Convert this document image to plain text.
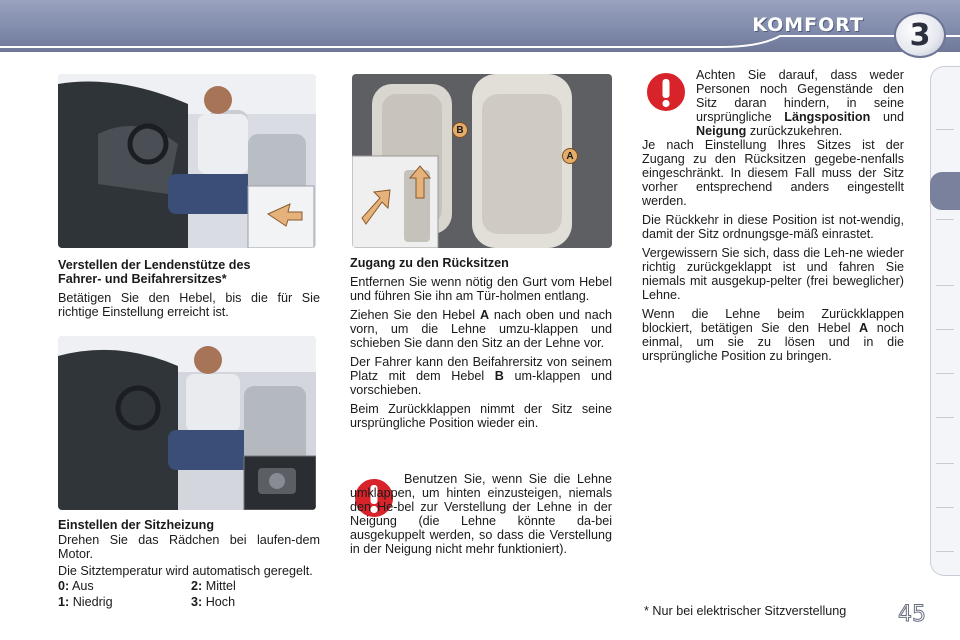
KOMFORT	3
B
A
Verstellen der Lendenstütze des
Fahrer- und Beifahrersitzes*

Betätigen Sie den Hebel, bis die für Sie richtige Einstellung erreicht ist.

Einstellen der Sitzheizung

Drehen Sie das Rädchen bei laufen-dem Motor.

Die Sitztemperatur wird automatisch geregelt.

0: Aus	2: Mittel
1: Niedrig	3: Hoch
Zugang zu den Rücksitzen

Entfernen Sie wenn nötig den Gurt vom Hebel und führen Sie ihn am Tür-holmen entlang.

Ziehen Sie den Hebel A nach oben und nach vorn, um die Lehne umzu-klappen und schieben Sie dann den Sitz an der Lehne vor.

Der Fahrer kann den Beifahrersitz von seinem Platz mit dem Hebel B um-klappen und vorschieben.

Beim Zurückklappen nimmt der Sitz seine ursprüngliche Position wieder ein.

Benutzen Sie, wenn Sie die Lehne umklappen, um hinten einzusteigen, niemals den He-bel zur Verstellung der Lehne in der Neigung (die Lehne könnte da-bei ausgekuppelt werden, so dass die Verstellung in der Neigung nicht mehr funktioniert).

Achten Sie darauf, dass weder Personen noch Gegenstände den Sitz daran hindern, in seine ursprüngliche Längsposition und Neigung zurückzukehren.

Je nach Einstellung Ihres Sitzes ist der Zugang zu den Rücksitzen gegebe-nenfalls eingeschränkt. In diesem Fall muss der Sitz vorher entsprechend anders eingestellt werden.

Die Rückkehr in diese Position ist not-wendig, damit der Sitz ordnungsge-mäß einrastet.

Vergewissern Sie sich, dass die Leh-ne wieder richtig zurückgeklappt ist und fahren Sie niemals mit ausgekup-pelter (frei beweglicher) Lehne.

Wenn die Lehne beim Zurückklappen blockiert, betätigen Sie den Hebel A noch einmal, um sie zu lösen und in die ursprüngliche Position zu bringen.

* Nur bei elektrischer Sitzverstellung 45
